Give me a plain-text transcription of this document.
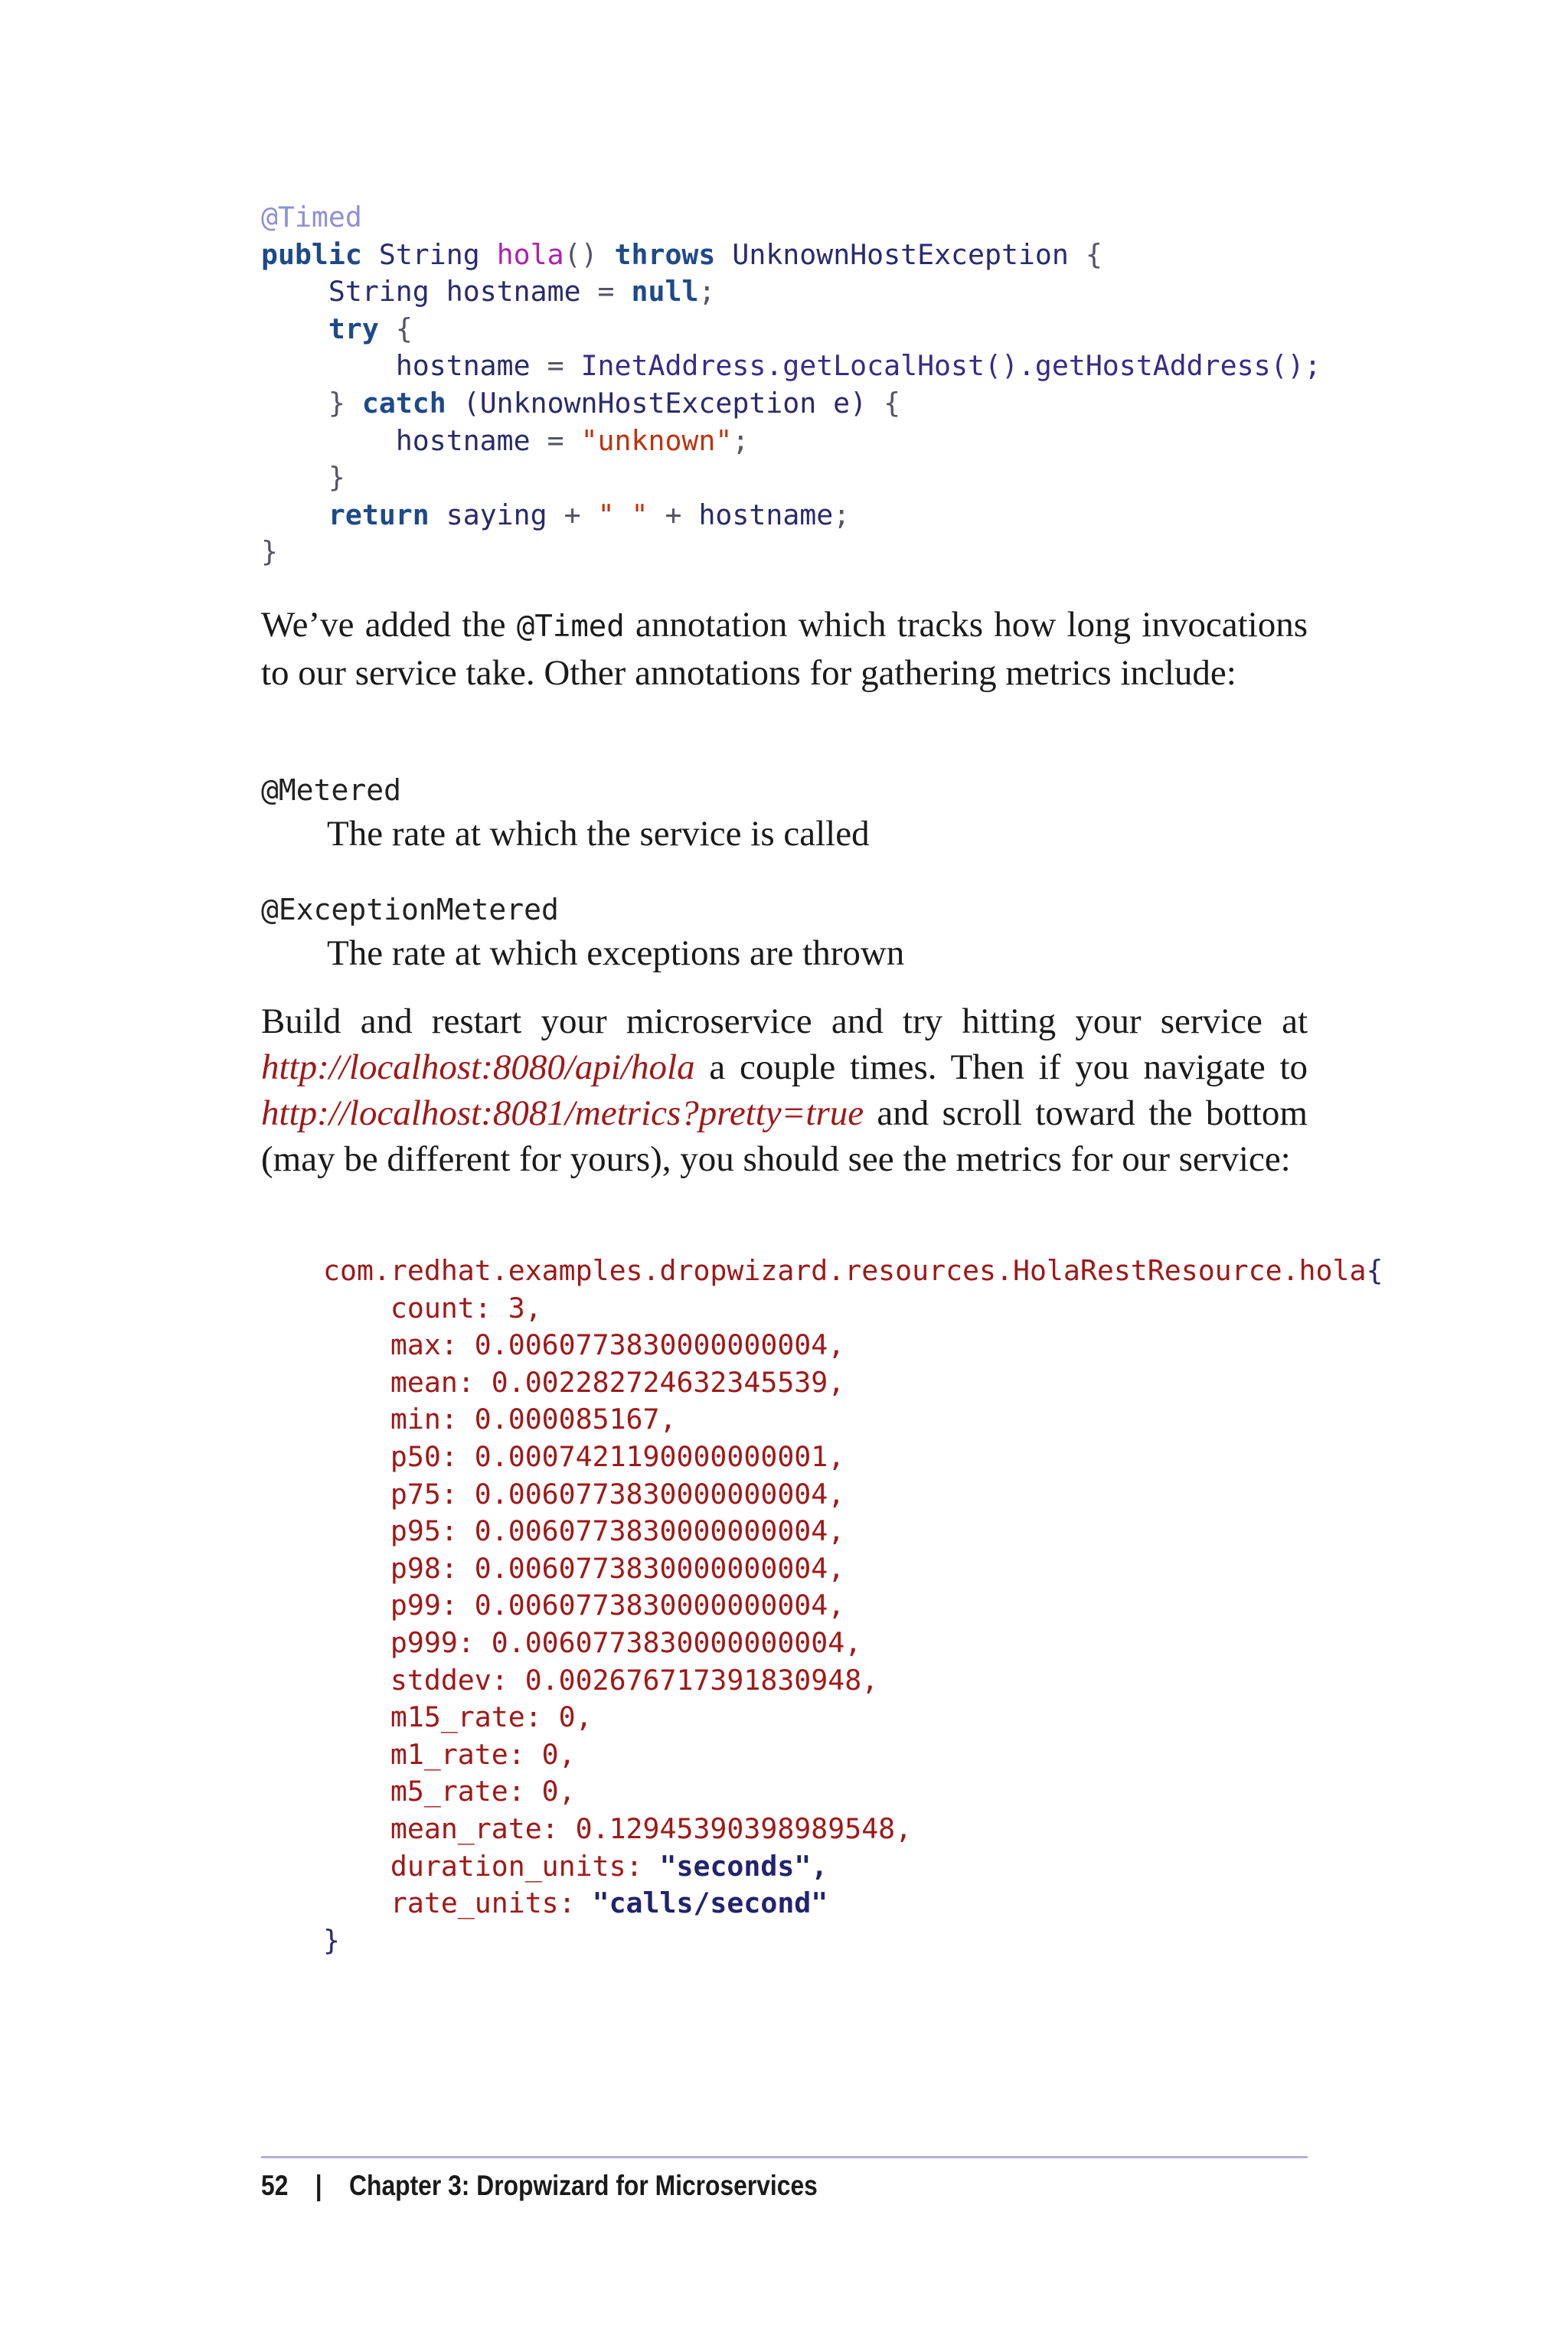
@Timed
public String hola() throws UnknownHostException {
String hostname = null;
try {
hostname = InetAddress.getLocalHost().getHostAddress();
} catch (UnknownHostException e) {
hostname = "unknown";
}
return saying + " " + hostname;
}

We’ve added the @Timed annotation which tracks how long invocations to our service take. Other annotations for gathering metrics include:

@Metered
The rate at which the service is called
@ExceptionMetered
The rate at which exceptions are thrown

Build and restart your microservice and try hitting your service at http://localhost:8080/api/hola a couple times. Then if you navigate to http://localhost:8081/metrics?pretty=true and scroll toward the bottom (may be different for yours), you should see the metrics for our service:

com.redhat.examples.dropwizard.resources.HolaRestResource.hola{
count: 3,
max: 0.0060773830000000004,
mean: 0.002282724632345539,
min: 0.000085167,
p50: 0.0007421190000000001,
p75: 0.0060773830000000004,
p95: 0.0060773830000000004,
p98: 0.0060773830000000004,
p99: 0.0060773830000000004,
p999: 0.0060773830000000004,
stddev: 0.002676717391830948,
m15_rate: 0,
m1_rate: 0,
m5_rate: 0,
mean_rate: 0.12945390398989548,
duration_units: "seconds",
rate_units: "calls/second"
}
52 | Chapter 3: Dropwizard for Microservices
